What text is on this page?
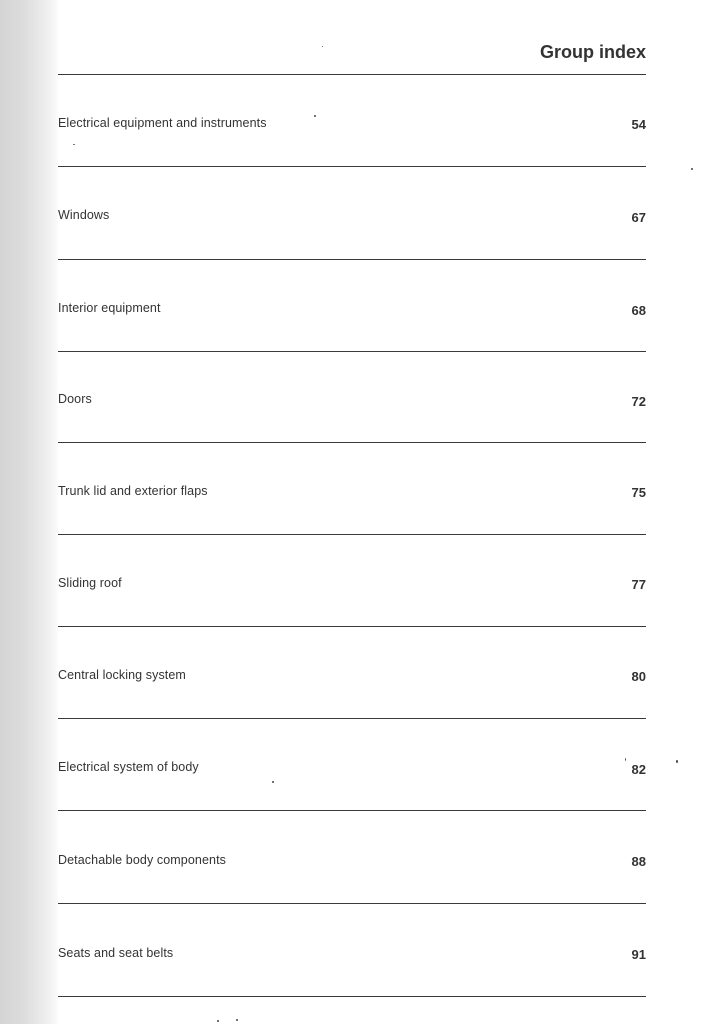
Group index
Electrical equipment and instruments	54
Windows	67
Interior equipment	68
Doors	72
Trunk lid and exterior flaps	75
Sliding roof	77
Central locking system	80
Electrical system of body	82
Detachable body components	88
Seats and seat belts	91
